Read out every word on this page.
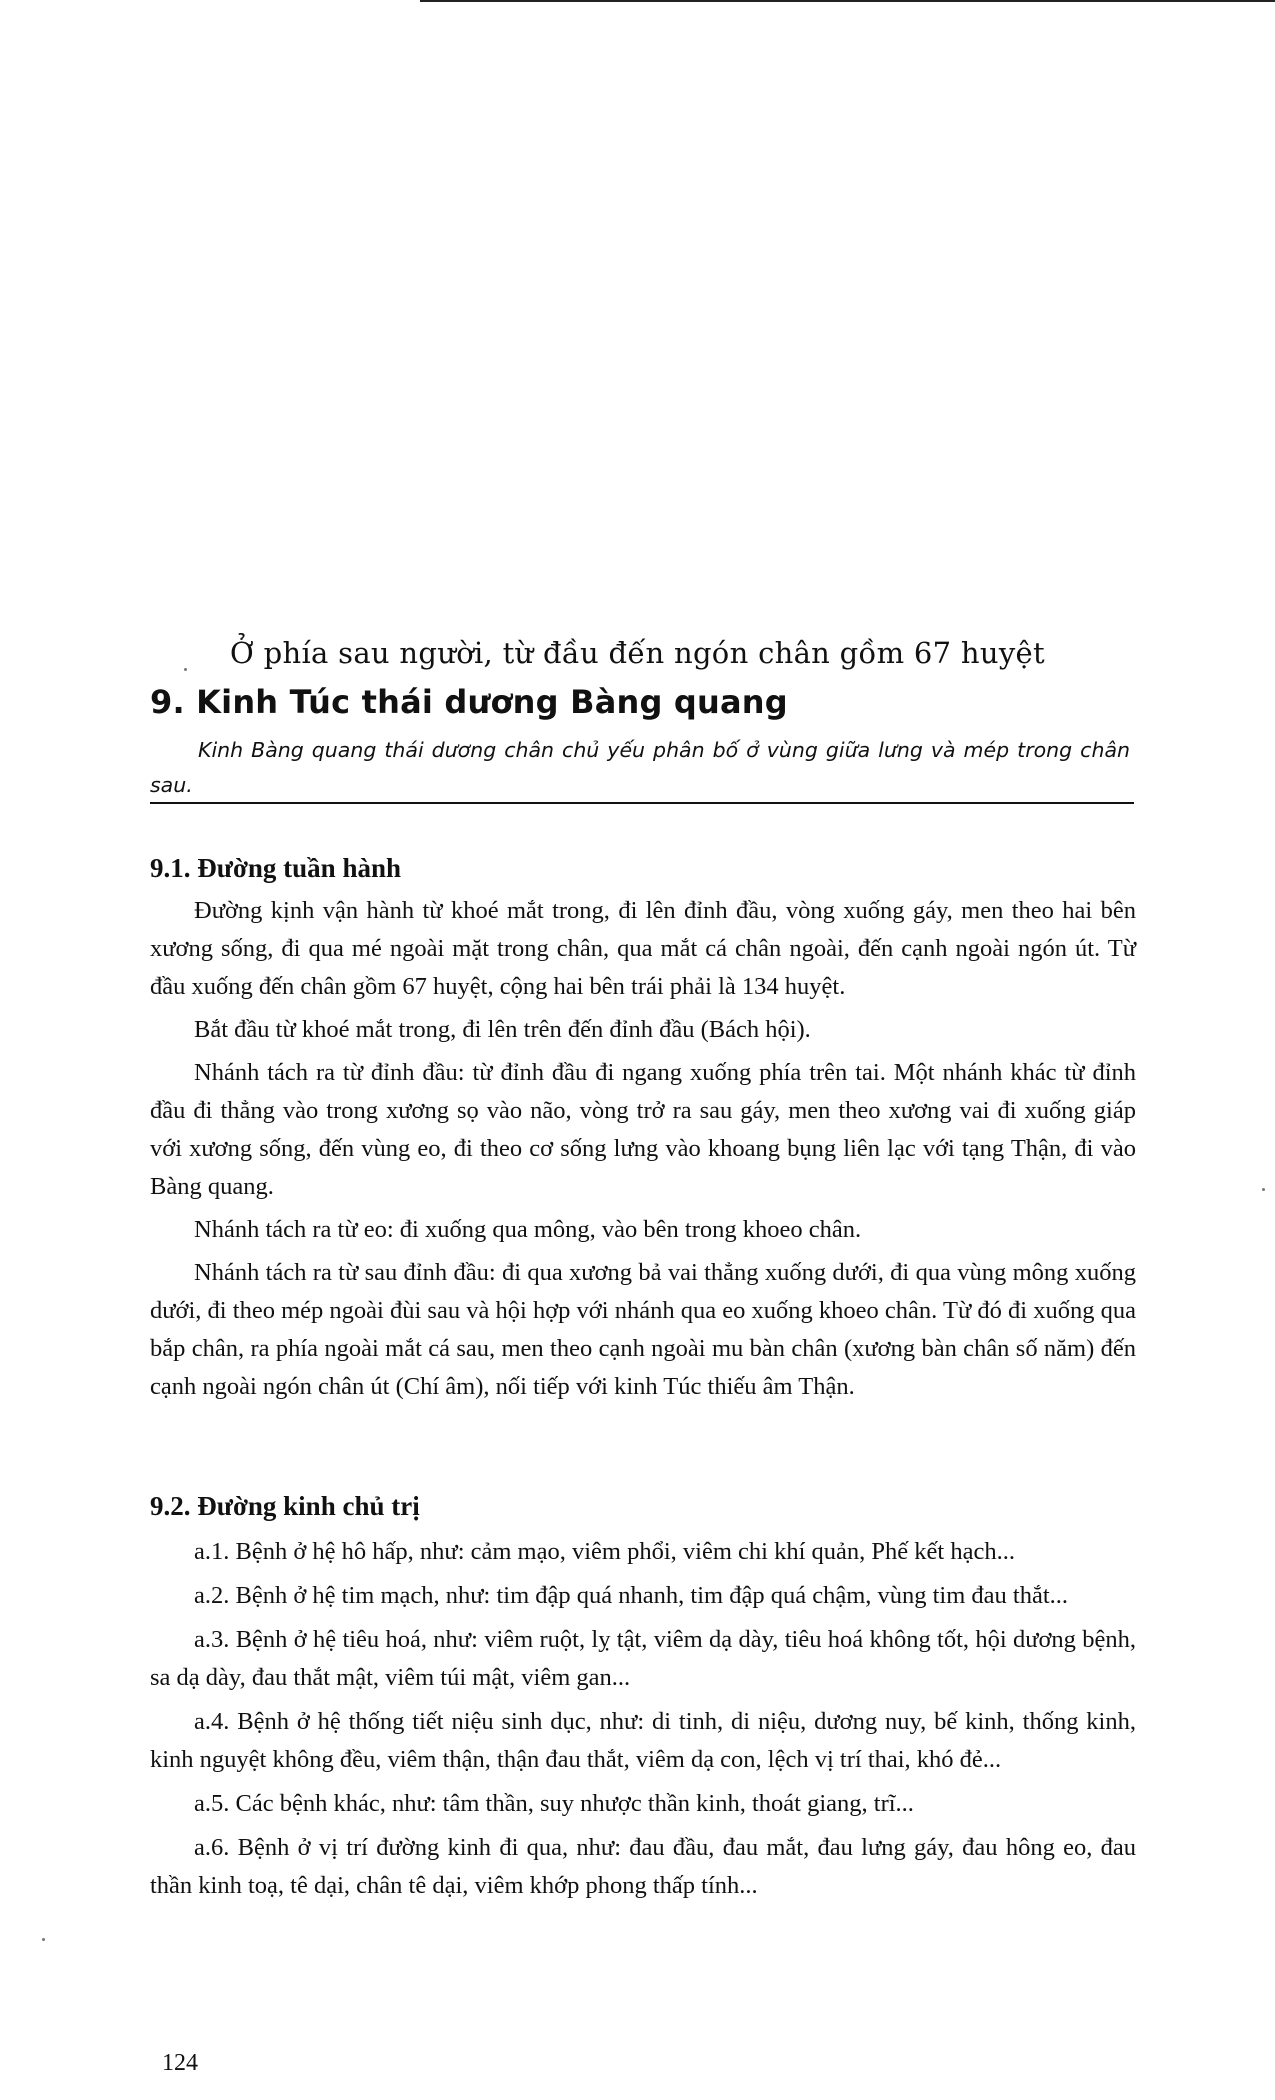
Ở phía sau người, từ đầu đến ngón chân gồm 67 huyệt
9. Kinh Túc thái dương Bàng quang

Kinh Bàng quang thái dương chân chủ yếu phân bố ở vùng giữa lưng và mép trong chân sau.

9.1. Đường tuần hành

Đường kịnh vận hành từ khoé mắt trong, đi lên đỉnh đầu, vòng xuống gáy, men theo hai bên xương sống, đi qua mé ngoài mặt trong chân, qua mắt cá chân ngoài, đến cạnh ngoài ngón út. Từ đầu xuống đến chân gồm 67 huyệt, cộng hai bên trái phải là 134 huyệt.

Bắt đầu từ khoé mắt trong, đi lên trên đến đỉnh đầu (Bách hội).

Nhánh tách ra từ đỉnh đầu: từ đỉnh đầu đi ngang xuống phía trên tai. Một nhánh khác từ đỉnh đầu đi thẳng vào trong xương sọ vào não, vòng trở ra sau gáy, men theo xương vai đi xuống giáp với xương sống, đến vùng eo, đi theo cơ sống lưng vào khoang bụng liên lạc với tạng Thận, đi vào Bàng quang.

Nhánh tách ra từ eo: đi xuống qua mông, vào bên trong khoeo chân.

Nhánh tách ra từ sau đỉnh đầu: đi qua xương bả vai thẳng xuống dưới, đi qua vùng mông xuống dưới, đi theo mép ngoài đùi sau và hội hợp với nhánh qua eo xuống khoeo chân. Từ đó đi xuống qua bắp chân, ra phía ngoài mắt cá sau, men theo cạnh ngoài mu bàn chân (xương bàn chân số năm) đến cạnh ngoài ngón chân út (Chí âm), nối tiếp với kinh Túc thiếu âm Thận.

9.2. Đường kinh chủ trị

a.1. Bệnh ở hệ hô hấp, như: cảm mạo, viêm phổi, viêm chi khí quản, Phế kết hạch...

a.2. Bệnh ở hệ tim mạch, như: tim đập quá nhanh, tim đập quá chậm, vùng tim đau thắt...

a.3. Bệnh ở hệ tiêu hoá, như: viêm ruột, lỵ tật, viêm dạ dày, tiêu hoá không tốt, hội dương bệnh, sa dạ dày, đau thắt mật, viêm túi mật, viêm gan...

a.4. Bệnh ở hệ thống tiết niệu sinh dục, như: di tinh, di niệu, dương nuy, bế kinh, thống kinh, kinh nguyệt không đều, viêm thận, thận đau thắt, viêm dạ con, lệch vị trí thai, khó đẻ...

a.5. Các bệnh khác, như: tâm thần, suy nhược thần kinh, thoát giang, trĩ...

a.6. Bệnh ở vị trí đường kinh đi qua, như: đau đầu, đau mắt, đau lưng gáy, đau hông eo, đau thần kinh toạ, tê dại, chân tê dại, viêm khớp phong thấp tính...

124
